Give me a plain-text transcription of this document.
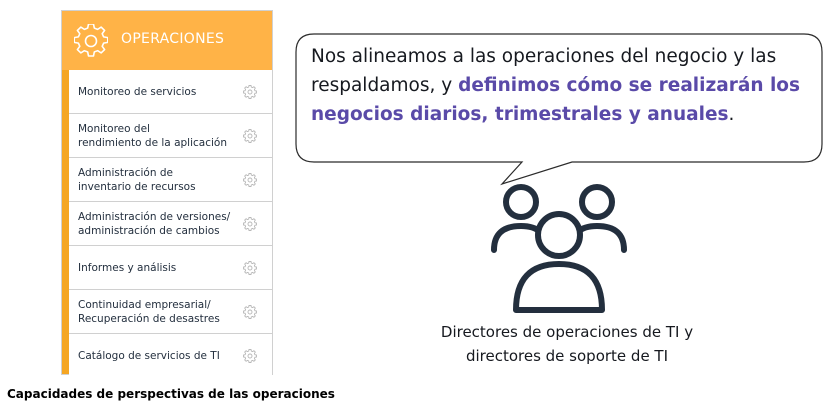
Nos alineamos a las operaciones del negocio y las respaldamos, y definimos cómo se realizarán los negocios diarios, trimestrales y anuales.
OPERACIONES
Monitoreo de servicios
Monitoreo del
rendimiento de la aplicación
Administración de
inventario de recursos
Administración de versiones/
administración de cambios
Informes y análisis
Continuidad empresarial/
Recuperación de desastres
Catálogo de servicios de TI
Capacidades de perspectivas de las operaciones
Directores de operaciones de TI y
directores de soporte de TI
